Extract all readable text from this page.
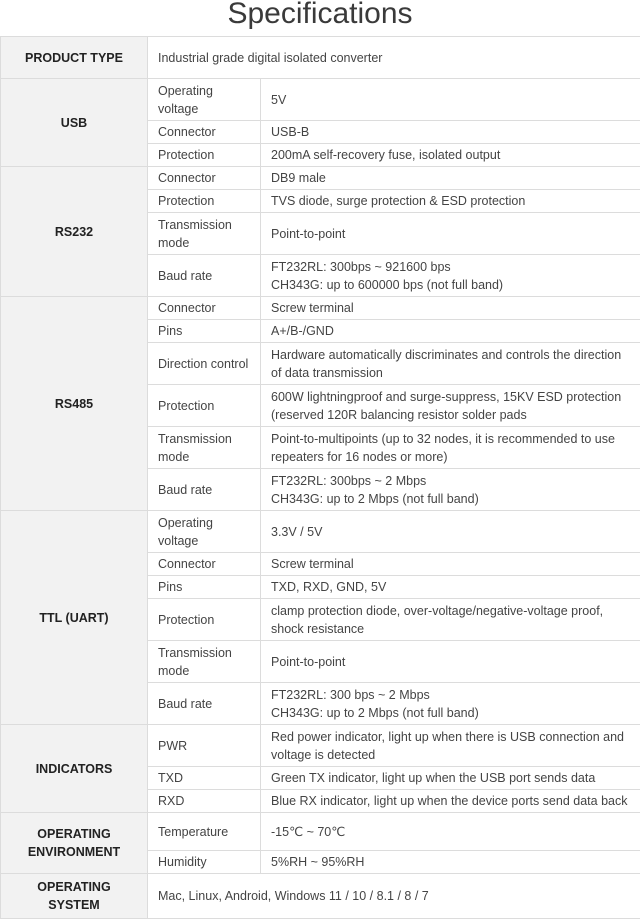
Specifications
PRODUCT TYPE	Industrial grade digital isolated converter	
USB	Operating voltage	5V
	Connector	USB-B
	Protection	200mA self-recovery fuse, isolated output
RS232	Connector	DB9 male
	Protection	TVS diode, surge protection & ESD protection
	Transmission mode	Point-to-point
	Baud rate	FT232RL: 300bps ~ 921600 bps
CH343G: up to 600000 bps (not full band)

RS485	Connector	Screw terminal
	Pins	A+/B-/GND
	Direction control	Hardware automatically discriminates and controls the direction of data transmission
	Protection	600W lightningproof and surge-suppress, 15KV ESD protection (reserved 120R balancing resistor solder pads
	Transmission mode	Point-to-multipoints (up to 32 nodes, it is recommended to use repeaters for 16 nodes or more)
	Baud rate	FT232RL: 300bps ~ 2 Mbps
CH343G: up to 2 Mbps (not full band)

TTL (UART)	Operating voltage	3.3V / 5V
	Connector	Screw terminal
	Pins	TXD, RXD, GND, 5V
	Protection	clamp protection diode, over-voltage/negative-voltage proof, shock resistance
	Transmission mode	Point-to-point
	Baud rate	FT232RL: 300 bps ~ 2 Mbps
CH343G: up to 2 Mbps (not full band)

INDICATORS	PWR	Red power indicator, light up when there is USB connection and voltage is detected
	TXD	Green TX indicator, light up when the USB port sends data
	RXD	Blue RX indicator, light up when the device ports send data back
OPERATING ENVIRONMENT	Temperature	-15℃ ~ 70℃
	Humidity	5%RH ~ 95%RH
OPERATING SYSTEM	Mac, Linux, Android, Windows 11 / 10 / 8.1 / 8 / 7	
